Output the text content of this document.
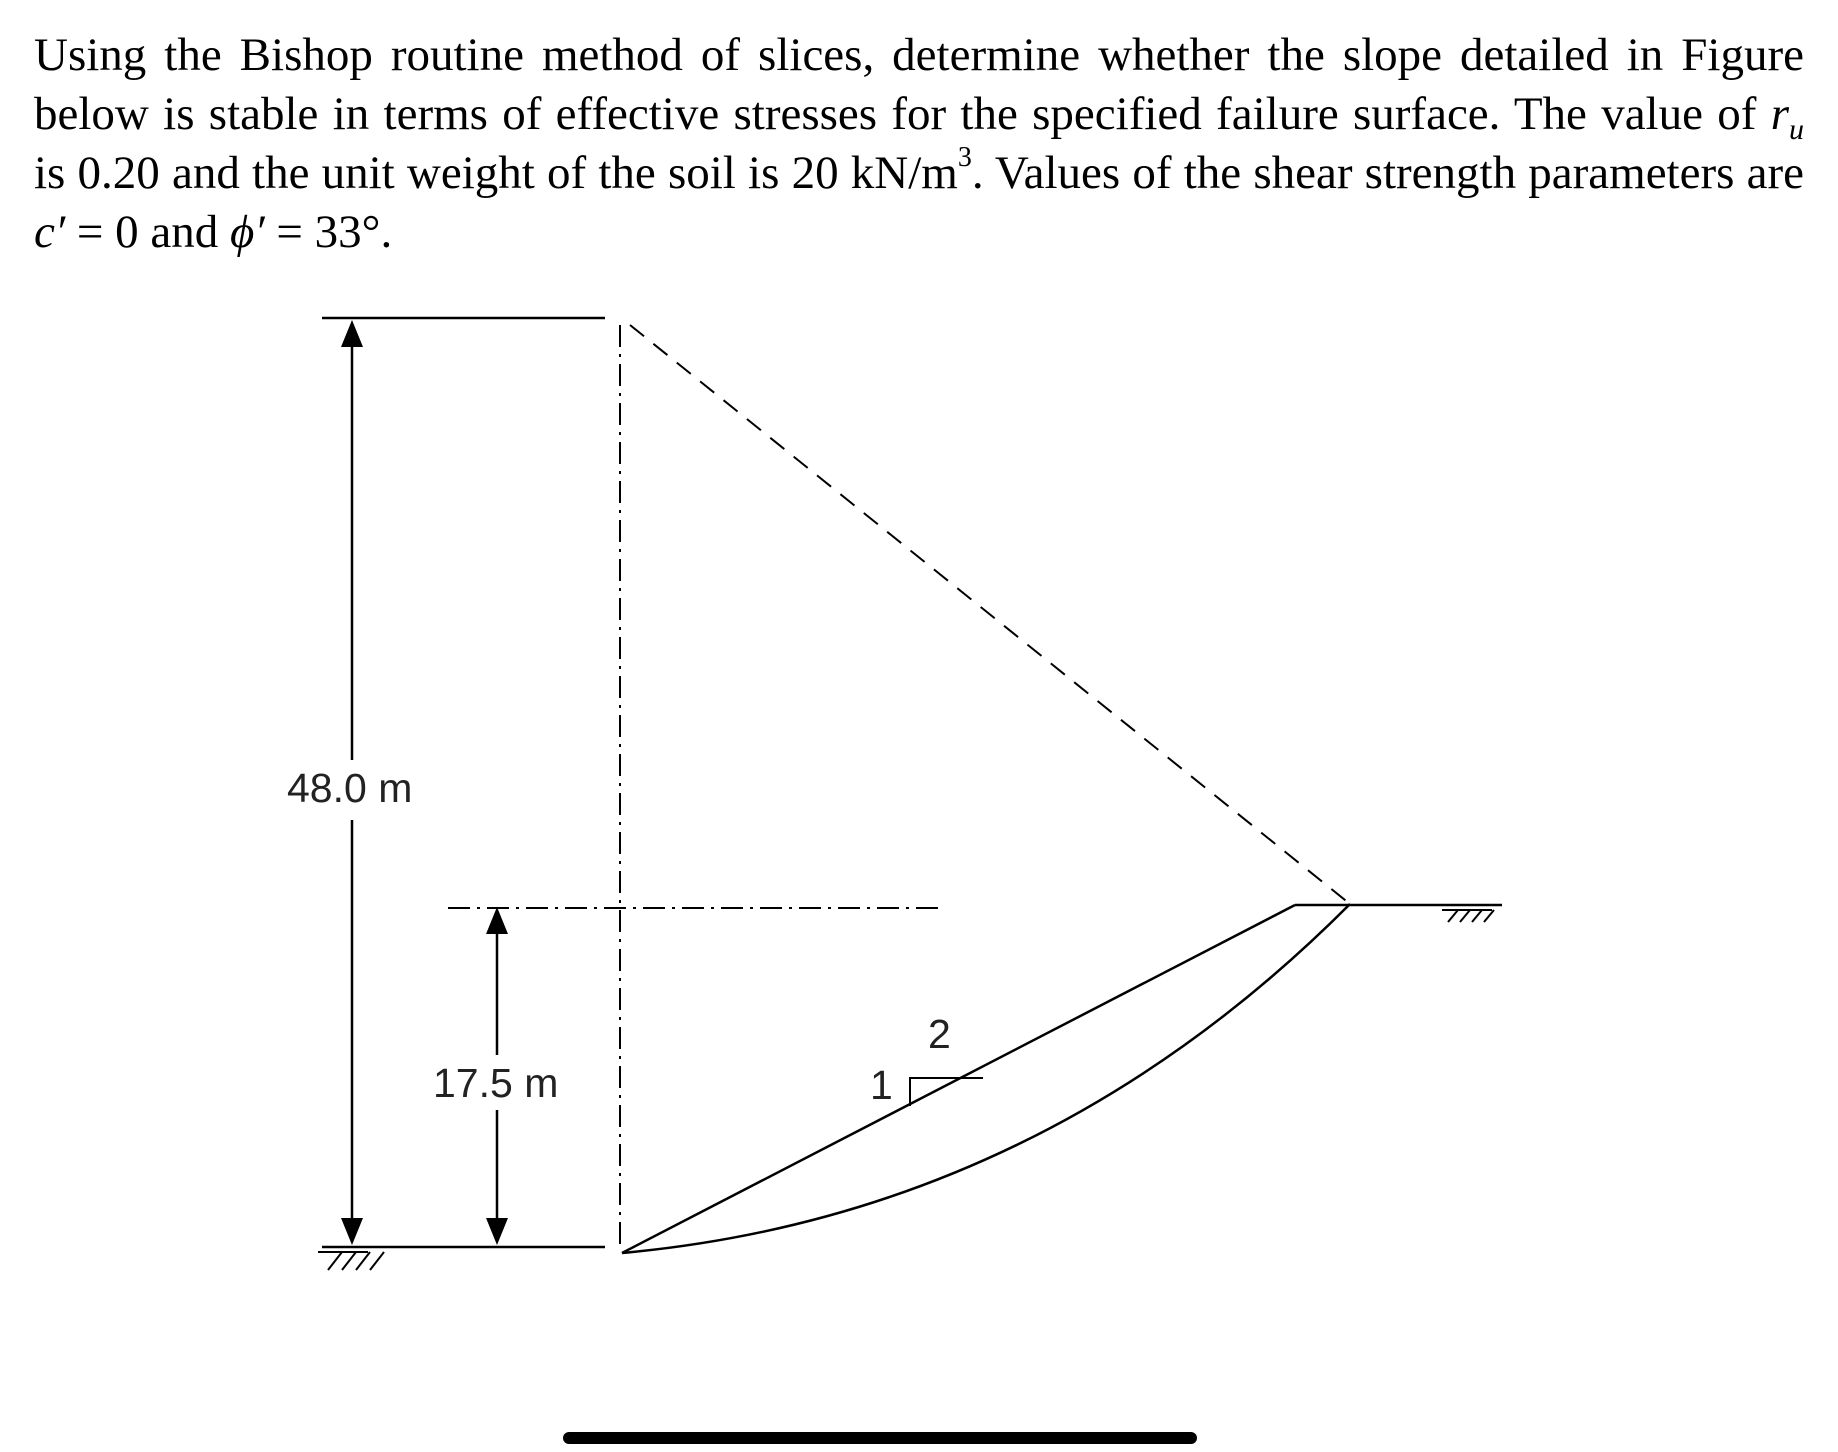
Using the Bishop routine method of slices, determine whether the slope detailed in Figure below is stable in terms of effective stresses for the specified failure surface. The value of $r_u$ is 0.20 and the unit weight of the soil is 20 $kN/m^3$. Values of the shear strength parameters are c′ = 0 and ϕ′ = 33°.

48.0 m
17.5 m	1
2
